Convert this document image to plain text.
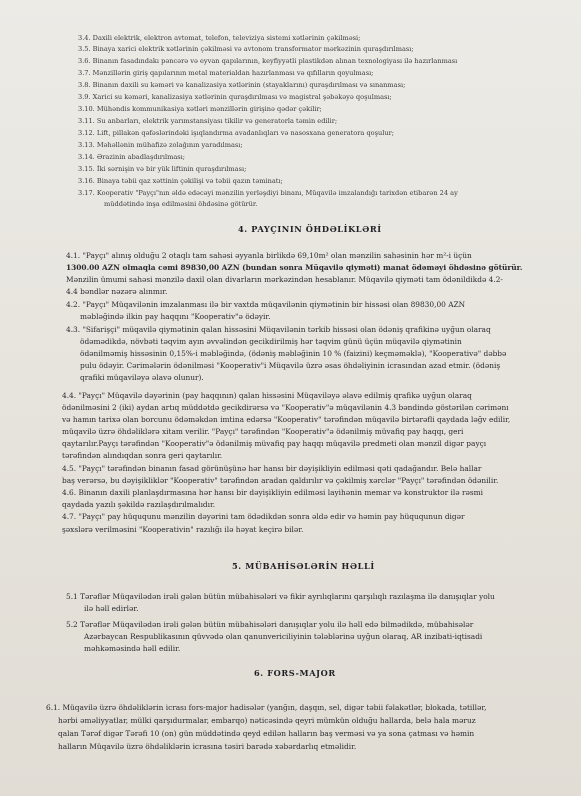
3.4. Daxili elektrik, elektron avtomat, telefon, televiziya sistemi xətlərinin çəkilməsi;
3.5. Binaya xarici elektrik xətlərinin çəkilməsi və avtonom transformator mərkəzinin quraşdırılması;
3.6. Binanın fasadındakı pəncərə və eyvan qapılarının, keyfiyyətli plastikdən alınan texnologiyası ilə hazırlanması
3.7. Mənzillərin giriş qapılarının metal materialdan hazırlanması və qıfılların qoyulması;
3.8. Binanın daxili su kəməri və kanalizasiya xətlərinin (stayaklarını) quraşdırılması və sınanması;
3.9. Xarici su kəməri, kanalizasiya xətlərinin quraşdırılması və magistral şəbəkəyə qoşulması;
3.10. Mühəndis kommunikasiya xətləri mənzillərin girişinə qədər çəkilir;
3.11. Su anbarları, elektrik yarımstansiyası tikilir və generatorla təmin edilir;
3.12. Lift, pillakən qəfəslərindəki işıqlandırma avadanlıqları və nasosxana generatora qoşulur;
3.13. Məhəllənin mühafizə zolağının yaradılması;
3.14. Ərazinin abadlaşdırılması;
3.15. İki sərnişin və bir yük liftinin quraşdırılması;
3.16. Binaya təbii qaz xəttinin çəkilişi və təbii qazın təminatı;
3.17. Kooperativ "Payçı"nın əldə edəcəyi mənzilin yerləşdiyi binanı, Müqavilə imzalandığı tarixdən etibarən 24 ay
müddətində inşa edilməsini öhdəsinə götürür.
4. PAYÇININ ÖHDƏLİKLƏRİ
4.1. "Payçı" alınış olduğu 2 otaqlı tam sahəsi əyyanla birlikdə 69,10m² olan mənzilin sahəsinin hər m²-i üçün
1300.00 AZN olmaqla cəmi 89830,00 AZN (bundan sonra Müqavilə qiyməti) manat ödəməyi öhdəsinə götürür.
Mənzilin ümumi sahəsi mənzilə daxil olan divarların mərkəzindən hesablanır. Müqavilə qiyməti tam ödənildikdə 4.2-
4.4 bəndlər nəzərə alınmır.
4.2. "Payçı" Müqavilənin imzalanması ilə bir vaxtda müqavilənin qiymətinin bir hissəsi olan 89830,00 AZN
məbləğində ilkin pay haqqını "Kooperativ"ə ödəyir.
4.3. "Sifarişçi" müqavilə qiymətinin qalan hissəsini Müqavilənin tərkib hissəsi olan ödəniş qrafikinə uyğun olaraq
ödəmədikdə, növbəti təqvim ayın əvvəlindən gecikdirilmiş hər təqvim günü üçün müqavilə qiymətinin
ödənilməmiş hissəsinin 0,15%-i məbləğində, (ödəniş məbləğinin 10 % (faizini) keçməməklə), "Kooperativə" dəbbə
pulu ödəyir. Cərimələrin ödənilməsi "Kooperativ"i Müqavilə üzrə əsas öhdəliyinin icrasından azad etmir. (ödəniş
qrafiki müqaviləyə əlavə olunur).
4.4. "Payçı" Müqavilə dəyərinin (pay haqqının) qalan hissəsini Müqaviləyə əlavə edilmiş qrafikə uyğun olaraq
ödənilməsini 2 (iki) aydan artıq müddətdə gecikdirərsə və "Kooperativ"ə müqavilənin 4.3 bəndində göstərilən cərimənı
və hamın tarixə olan borcunu ödəməkdən imtina edərsə "Kooperativ" tərəfindən müqavilə birtərəfli qaydada ləğv edilir,
müqavilə üzrə öhdəliklərə xitam verilir. "Payçı" tərəfindən "Kooperativ"ə ödənilmiş müvafiq pay haqqı, geri
qaytarılır.Payçı tərəfindən "Kooperativ"ə ödənilmiş müvafiq pay haqqı müqavilə predmeti olan mənzil digər payçı
tərəfindən alındıqdan sonra geri qaytarılır.
4.5. "Payçı" tərəfindən binanın fasad görünüşünə hər hansı bir dəyişikliyin edilməsi qəti qadağandır. Belə hallar
baş verərsə, bu dəyişikliklər "Kooperativ" tərəfindən aradan qaldırılır və çəkilmiş xərclər "Payçı" tərəfindən ödənilir.
4.6. Binanın daxili planlaşdırmasına hər hansı bir dəyişikliyin edilməsi layihənin memar və konstruktor ilə rəsmi
qaydada yazılı şəkildə razılaşdırılmalıdır.
4.7. "Payçı" pay hüququnu mənzilin dəyərini tam ödədikdən sonra əldə edir və həmin pay hüququnun digər
şəxslərə verilməsini "Kooperativin" razılığı ilə həyat keçirə bilər.
5. MÜBAHİSƏLƏRİN HƏLLİ
5.1 Tərəflər Müqavilədən irəli gələn bütün mübahisələri və fikir ayrılıqlarını qarşılıqlı razılaşma ilə danışıqlar yolu
ilə həll edirlər.
5.2 Tərəflər Müqavilədən irəli gələn bütün mübahisələri danışıqlar yolu ilə həll edə bilmədikdə, mübahisələr
Azərbaycan Respublikasının qüvvədə olan qanunvericiliyinin tələblərinə uyğun olaraq, AR inzibati-iqtisadi
məhkəməsində həll edilir.
6. FORS-MAJOR
6.1. Müqavilə üzrə öhdəliklərin icrası fors-major hadisələr (yanğın, daşqın, sel, digər təbii fəlakətlər, blokada, tətillər,
hərbi əməliyyatlar, mülki qarşıdurmalar, embarqo) nəticəsində qeyri mümkün olduğu hallarda, belə hala məruz
qalan Tərəf digər Tərəfi 10 (on) gün müddətində qeyd edilən halların baş verməsi və ya sona çatması və həmin
halların Müqavilə üzrə öhdəliklərin icrasına təsiri barədə xəbərdarlıq etməlidir.
